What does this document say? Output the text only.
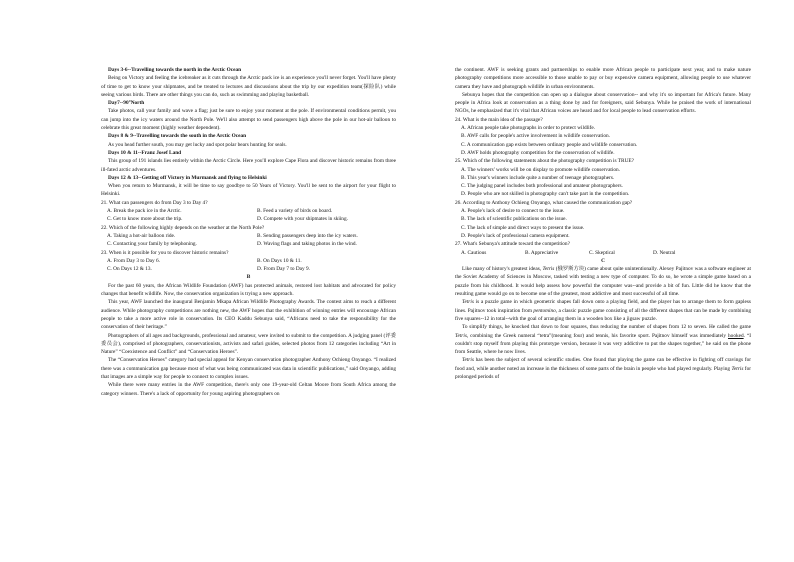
Days 3-6--Travelling towards the north in the Arctic Ocean

Being on Victory and feeling the icebreaker as it cuts through the Arctic pack ice is an experience you'll never forget. You'll have plenty of time to get to know your shipmates, and be treated to lectures and discussions about the trip by our expedition team(探险队) while seeing various birds. There are other things you can do, such as swimming and playing basketball.

Day7--90°North

Take photos, call your family and wave a flag; just be sure to enjoy your moment at the pole. If environmental conditions permit, you can jump into the icy waters around the North Pole. We'll also attempt to send passengers high above the pole in our hot-air balloon to celebrate this great moment (highly weather dependent).

Days 8 & 9--Travelling towards the south in the Arctic Ocean

As you head further south, you may get lucky and spot polar bears hunting for seals.

Days 10 & 11--Franz Josef Land

This group of 191 islands lies entirely within the Arctic Circle. Here you'll explore Cape Flora and discover historic remains from three ill-fated arctic adventures.

Days 12 & 13--Getting off Victory in Murmansk and flying to Helsinki

When you return to Murmansk, it will be time to say goodbye to 50 Years of Victory. You'll be sent to the airport for your flight to Helsinki.

21. What can passengers do from Day 3 to Day 4?

A. Break the pack ice in the Arctic.	B. Feed a variety of birds on board.
C. Get to know more about the trip.	D. Compete with your shipmates in skiing.

22. Which of the following highly depends on the weather at the North Pole?

A. Taking a hot-air balloon ride.	B. Sending passengers deep into the icy waters.
C. Contacting your family by telephoning.	D. Waving flags and taking photos in the wind.

23. When is it possible for you to discover historic remains?

A. From Day 3 to Day 6.	B. On Days 10 & 11.
C. On Days 12 & 13.	D. From Day 7 to Day 9.

B

For the past 60 years, the African Wildlife Foundation (AWF) has protected animals, restored lost habitats and advocated for policy changes that benefit wildlife. Now, the conservation organization is trying a new approach.

This year, AWF launched the inaugural Benjamin Mkapa African Wildlife Photography Awards. The contest aims to reach a different audience. While photography competitions are nothing new, the AWF hopes that the exhibition of winning entries will encourage African people to take a more active role in conservation. Its CEO Kaddu Sebunya said, “Africans need to take the responsibility for the conservation of their heritage.”

Photographers of all ages and backgrounds, professional and amateur, were invited to submit to the competition. A judging panel (评委委员会), comprised of photographers, conservationists, activists and safari guides, selected photos from 12 categories including “Art in Nature” “Coexistence and Conflict” and “Conservation Heroes”.

The “Conservation Heroes” category had special appeal for Kenyan conservation photographer Anthony Ochieng Onyango. “I realized there was a communication gap because most of what was being communicated was data in scientific publications,” said Onyango, adding that images are a simple way for people to connect to complex issues.

While there were many entries in the AWF competition, there's only one 19-year-old Celtan Moore from South Africa among the category winners. There's a lack of opportunity for young aspiring photographers on

the continent. AWF is seeking grants and partnerships to enable more African people to participate next year, and to make nature photography competitions more accessible to those unable to pay or buy expensive camera equipment, allowing people to use whatever camera they have and photograph wildlife in urban environments.

Sebunya hopes that the competition can open up a dialogue about conservation-- and why it's so important for Africa's future. Many people in Africa look at conservation as a thing done by and for foreigners, said Sebunya. While he praised the work of international NGOs, he emphasized that it's vital that African voices are heard and for local people to lead conservation efforts.

24. What is the main idea of the passage?

A. African people take photographs in order to protect wildlife.

B. AWF calls for people's active involvement in wildlife conservation.

C. A communication gap exists between ordinary people and wildlife conservation.

D. AWF holds photography competition for the conservation of wildlife.

25. Which of the following statements about the photography competition is TRUE?

A. The winners' works will be on display to promote wildlife conservation.

B. This year's winners include quite a number of teenage photographers.

C. The judging panel includes both professional and amateur photographers.

D. People who are not skilled in photography can't take part in the competition.

26. According to Anthony Ochieng Onyango, what caused the communication gap?

A. People's lack of desire to connect to the issue.

B. The lack of scientific publications on the issue.

C. The lack of simple and direct ways to present the issue.

D. People's lack of professional camera equipment.

27. What's Sebunya's attitude toward the competition?

A. Cautious	B. Appreciative	C. Skeptical	D. Neutral

C

Like many of history's greatest ideas, Tetris (俄罗斯方块) came about quite unintentionally. Alexey Pajitnov was a software engineer at the Soviet Academy of Sciences in Moscow, tasked with testing a new type of computer. To do so, he wrote a simple game based on a puzzle from his childhood. It would help assess how powerful the computer was--and provide a bit of fun. Little did he know that the resulting game would go on to become one of the greatest, most addictive and most successful of all time.

Tetris is a puzzle game in which geometric shapes fall down onto a playing field, and the player has to arrange them to form gapless lines. Pajitnov took inspiration from pentomino, a classic puzzle game consisting of all the different shapes that can be made by combining five squares--12 in total--with the goal of arranging them in a wooden box like a jigsaw puzzle.

To simplify things, he knocked that down to four squares, thus reducing the number of shapes from 12 to seven. He called the game Tetris, combining the Greek numeral “tetra”(meaning four) and tennis, his favorite sport. Pajitnov himself was immediately hooked. “I couldn't stop myself from playing this prototype version, because it was very addictive to put the shapes together,” he said on the phone from Seattle, where he now lives.

Tetris has been the subject of several scientific studies. One found that playing the game can be effective in fighting off cravings for food and, while another noted an increase in the thickness of some parts of the brain in people who had played regularly. Playing Tetris for prolonged periods of
